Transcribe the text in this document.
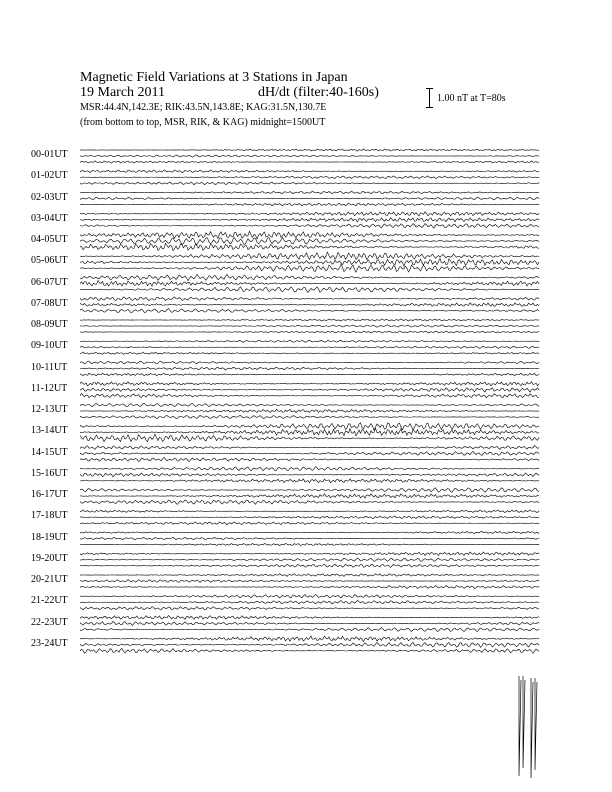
Magnetic Field Variations at 3 Stations in Japan
19 March 2011	dH/dt (filter:40-160s)
MSR:44.4N,142.3E; RIK:43.5N,143.8E; KAG:31.5N,130.7E
(from bottom to top, MSR, RIK, & KAG) midnight=1500UT
1.00 nT at T=80s
00-01UT
01-02UT
02-03UT
03-04UT
04-05UT
05-06UT
06-07UT
07-08UT
08-09UT
09-10UT
10-11UT
11-12UT
12-13UT
13-14UT
14-15UT
15-16UT
16-17UT
17-18UT
18-19UT
19-20UT
20-21UT
21-22UT
22-23UT
23-24UT
